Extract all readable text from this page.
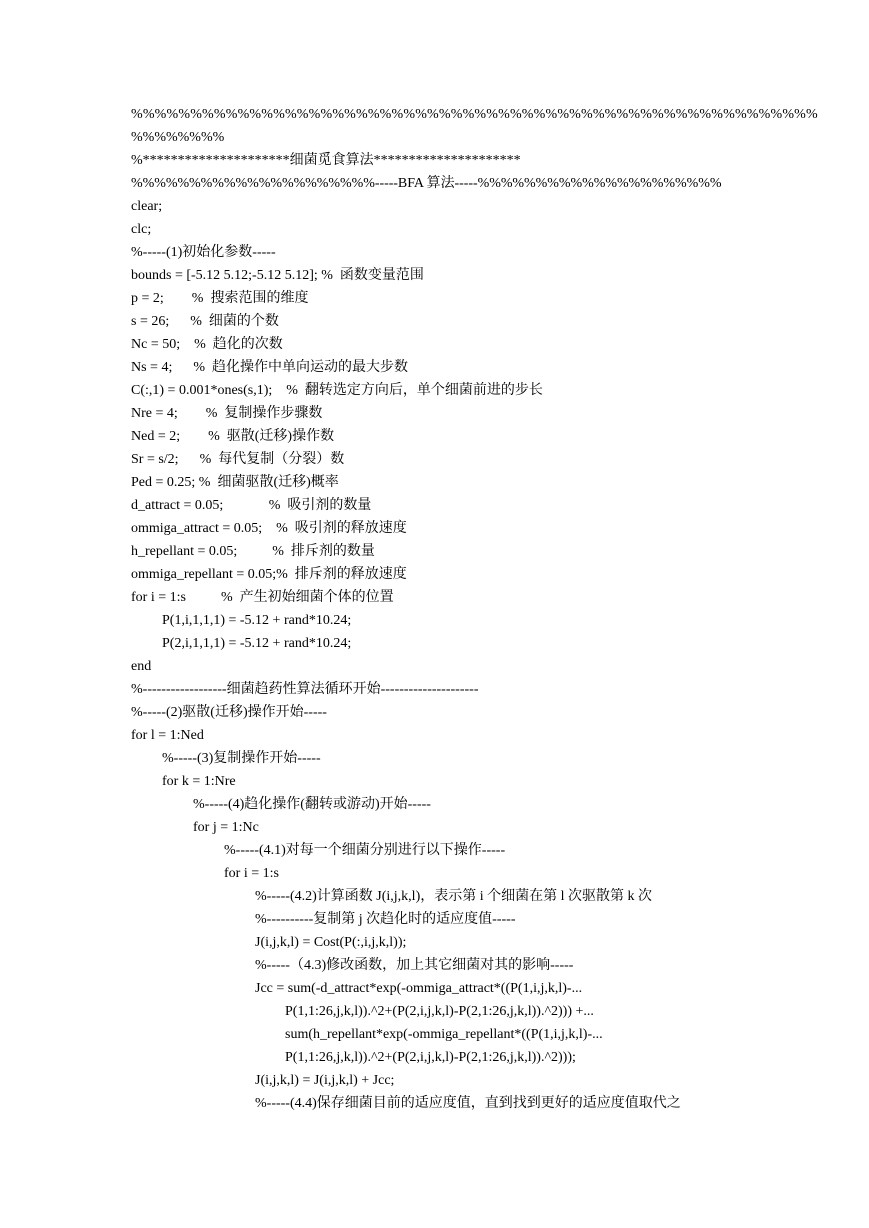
%%%%%%%%%%%%%%%%%%%%%%%%%%%%%%%%%%%%%%%%%%%%%%%%%%%%%%%%%%
%%%%%%%%
%*********************细菌觅食算法*********************
%%%%%%%%%%%%%%%%%%%%%-----BFA 算法-----%%%%%%%%%%%%%%%%%%%%%
clear;
clc;
%-----(1)初始化参数-----
bounds = [-5.12 5.12;-5.12 5.12]; %  函数变量范围
p = 2;        %  搜索范围的维度
s = 26;      %  细菌的个数
Nc = 50;    %  趋化的次数
Ns = 4;      %  趋化操作中单向运动的最大步数
C(:,1) = 0.001*ones(s,1);    %  翻转选定方向后，单个细菌前进的步长
Nre = 4;        %  复制操作步骤数
Ned = 2;        %  驱散(迁移)操作数
Sr = s/2;      %  每代复制（分裂）数
Ped = 0.25; %  细菌驱散(迁移)概率
d_attract = 0.05;             %  吸引剂的数量
ommiga_attract = 0.05;    %  吸引剂的释放速度
h_repellant = 0.05;          %  排斥剂的数量
ommiga_repellant = 0.05;%  排斥剂的释放速度
for i = 1:s          %  产生初始细菌个体的位置
P(1,i,1,1,1) = -5.12 + rand*10.24;
P(2,i,1,1,1) = -5.12 + rand*10.24;
end
%------------------细菌趋药性算法循环开始---------------------
%-----(2)驱散(迁移)操作开始-----
for l = 1:Ned
%-----(3)复制操作开始-----
for k = 1:Nre
%-----(4)趋化操作(翻转或游动)开始-----
for j = 1:Nc
%-----(4.1)对每一个细菌分别进行以下操作-----
for i = 1:s
%-----(4.2)计算函数 J(i,j,k,l)，表示第 i 个细菌在第 l 次驱散第 k 次
%----------复制第 j 次趋化时的适应度值-----
J(i,j,k,l) = Cost(P(:,i,j,k,l));
%-----（4.3)修改函数，加上其它细菌对其的影响-----
Jcc = sum(-d_attract*exp(-ommiga_attract*((P(1,i,j,k,l)-...
P(1,1:26,j,k,l)).^2+(P(2,i,j,k,l)-P(2,1:26,j,k,l)).^2))) +...
sum(h_repellant*exp(-ommiga_repellant*((P(1,i,j,k,l)-...
P(1,1:26,j,k,l)).^2+(P(2,i,j,k,l)-P(2,1:26,j,k,l)).^2)));
J(i,j,k,l) = J(i,j,k,l) + Jcc;
%-----(4.4)保存细菌目前的适应度值，直到找到更好的适应度值取代之
